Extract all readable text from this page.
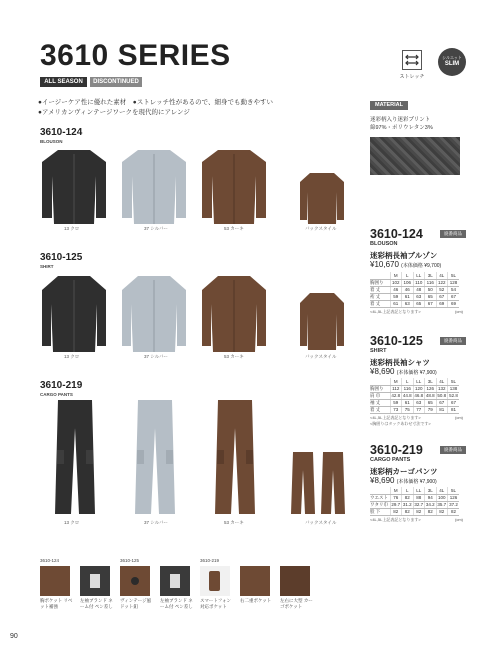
3610 SERIES
ALL SEASON	DISCONTINUED
●イージーケア性に優れた素材　●ストレッチ性があるので、細身でも動きやすい
●アメリカンヴィンテージワークを現代的にアレンジ
ストレッチ
シルエット
SLIM
MATERIAL
迷彩柄入り迷彩プリント
綿97%・ポリウレタン3%
3610-124
BLOUSON
13 クロ	37 シルバー	53 カーキ	バックスタイル
3610-125
SHIRT
13 クロ	37 シルバー	53 カーキ	バックスタイル
3610-219
CARGO PANTS
13 クロ	37 シルバー	53 カーキ	バックスタイル
廃番商品
3610-124
BLOUSON
迷彩柄長袖ブルゾン
¥10,670 (本体価格 ¥9,700)
	M	L	LL	3L	4L	5L
胸囲り	102	106	110	116	122	128
着 丈	46	46	48	50	52	54
裄 丈	59	61	63	65	67	67
着 丈	61	63	65	67	69	69
<4L,5L上記表記となります>	(cm)
廃番商品
3610-125
SHIRT
迷彩柄長袖シャツ
¥8,690 (本体価格 ¥7,900)
	M	L	LL	3L	4L	5L
胸囲り	112	116	120	126	132	138
肩 巾	42.8	44.8	46.8	48.8	50.8	52.8
袖 丈	59	61	63	65	67	67
着 丈	73	75	77	79	81	81
<4L,5L上記表記となります>
<胸囲りはタックあわせ寸法です>
(cm)
廃番商品
3610-219
CARGO PANTS
迷彩柄カーゴパンツ
¥8,690 (本体価格 ¥7,900)
	M	L	LL	3L	4L	5L
ウエスト	76	82	88	94	100	126
ワタリ巾	29.7	31.2	32.7	34.2	35.7	37.2
股 下	82	82	82	82	82	82
<4L,5L上記表記となります>	(cm)
3610-124	3610-125	3610-219
胸ポケット リベット補強
左袖ブランド ネーム付 ペン差し
ヴィンテージ風 ドット釦
左袖ブランド ネーム付 ペン差し
スマートフォン 対応ポケット
右二重ポケット	左右に大型 カーゴポケット
90
